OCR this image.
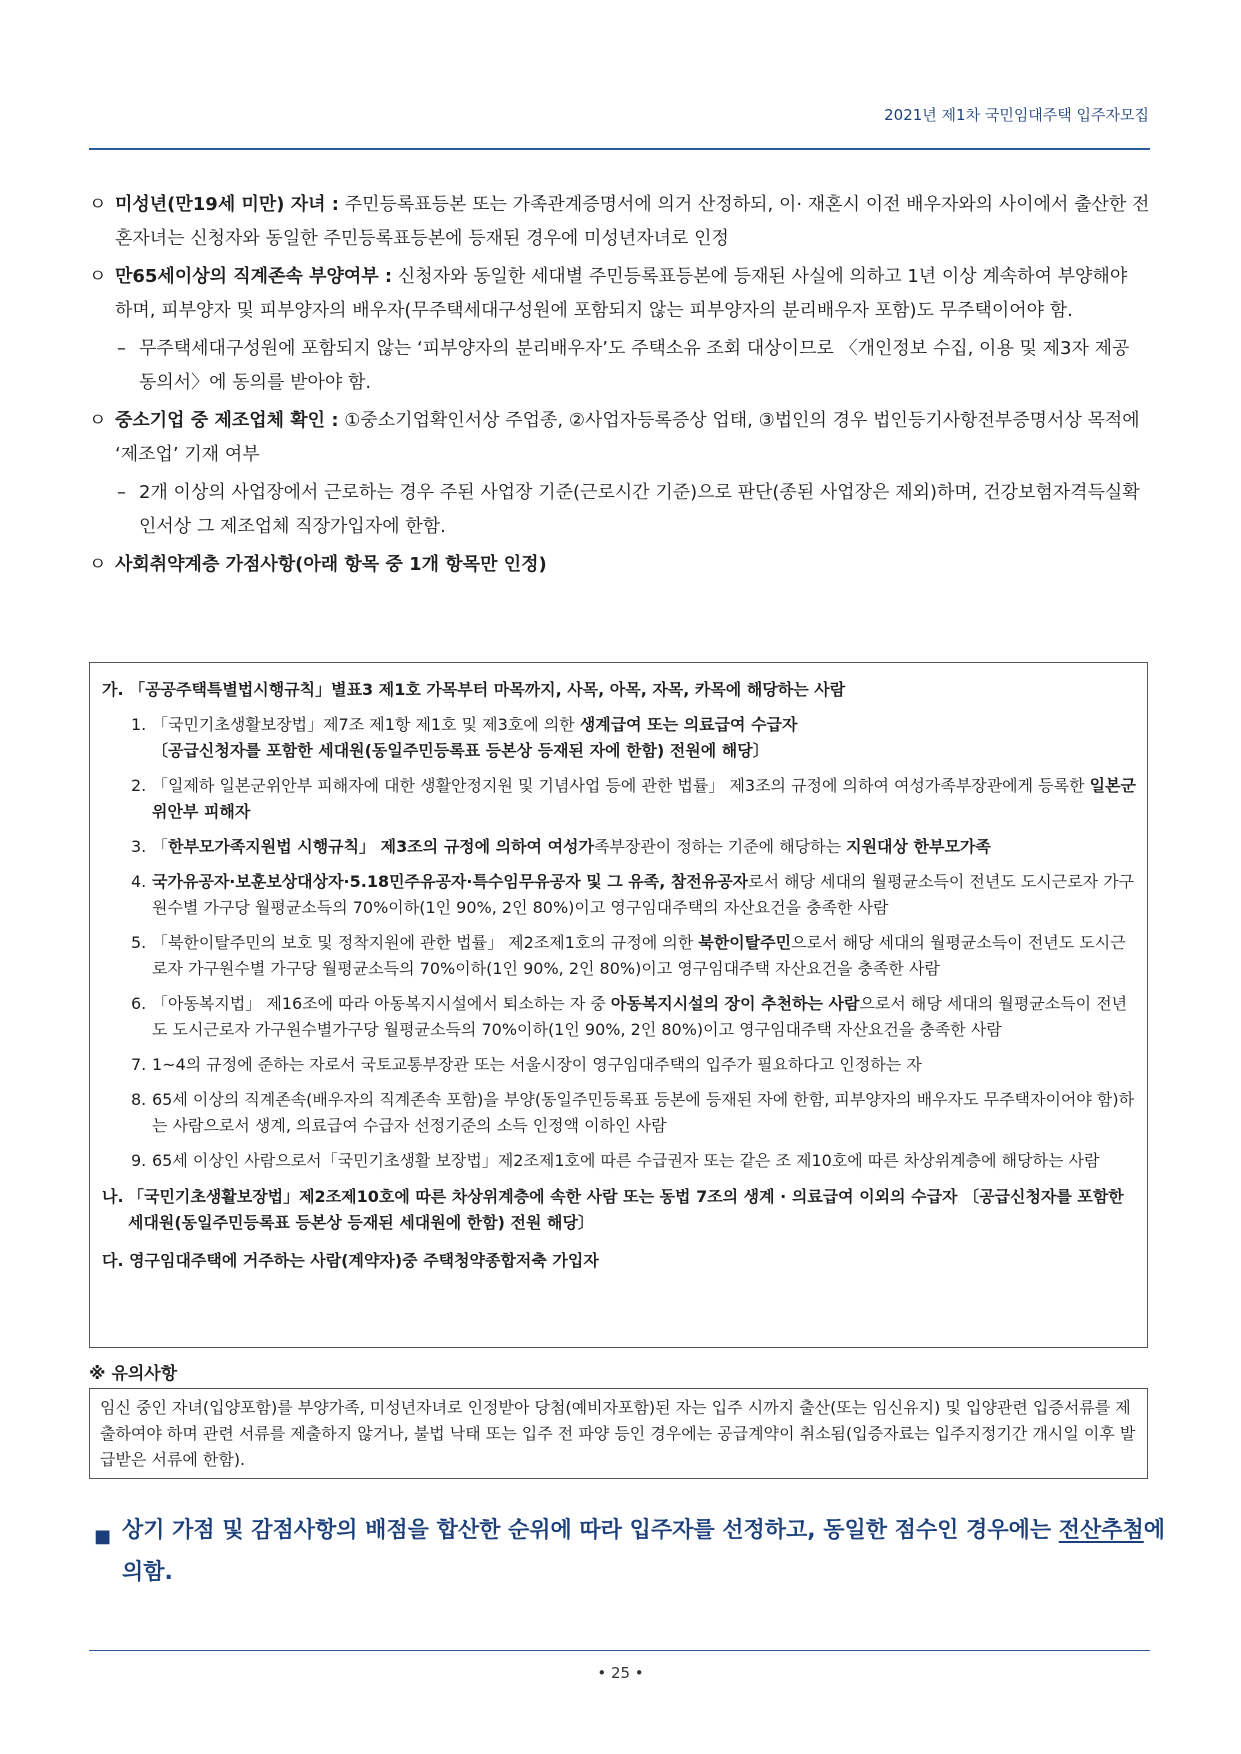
2021년 제1차 국민임대주택 입주자모집
ㅇ 미성년(만19세 미만) 자녀 : 주민등록표등본 또는 가족관계증명서에 의거 산정하되, 이· 재혼시 이전 배우자와의 사이에서 출산한 전혼자녀는 신청자와 동일한 주민등록표등본에 등재된 경우에 미성년자녀로 인정
ㅇ 만65세이상의 직계존속 부양여부 : 신청자와 동일한 세대별 주민등록표등본에 등재된 사실에 의하고 1년 이상 계속하여 부양해야 하며, 피부양자 및 피부양자의 배우자(무주택세대구성원에 포함되지 않는 피부양자의 분리배우자 포함)도 무주택이어야 함.
– 무주택세대구성원에 포함되지 않는 ‘피부양자의 분리배우자’도 주택소유 조회 대상이므로 〈개인정보 수집, 이용 및 제3자 제공 동의서〉에 동의를 받아야 함.
ㅇ 중소기업 중 제조업체 확인 : ①중소기업확인서상 주업종, ②사업자등록증상 업태, ③법인의 경우 법인등기사항전부증명서상 목적에 ‘제조업’ 기재 여부
– 2개 이상의 사업장에서 근로하는 경우 주된 사업장 기준(근로시간 기준)으로 판단(종된 사업장은 제외)하며, 건강보험자격득실확인서상 그 제조업체 직장가입자에 한함.
ㅇ 사회취약계층 가점사항(아래 항목 중 1개 항목만 인정)
가. 「공공주택특별법시행규칙」별표3 제1호 가목부터 마목까지, 사목, 아목, 자목, 카목에 해당하는 사람
1. 「국민기초생활보장법」제7조 제1항 제1호 및 제3호에 의한 생계급여 또는 의료급여 수급자
〔공급신청자를 포함한 세대원(동일주민등록표 등본상 등재된 자에 한함) 전원에 해당〕
2. 「일제하 일본군위안부 피해자에 대한 생활안정지원 및 기념사업 등에 관한 법률」 제3조의 규정에 의하여 여성가족부장관에게 등록한 일본군위안부 피해자
3. 「한부모가족지원법 시행규칙」 제3조의 규정에 의하여 여성가족부장관이 정하는 기준에 해당하는 지원대상 한부모가족
4. 국가유공자·보훈보상대상자·5.18민주유공자·특수임무유공자 및 그 유족, 참전유공자로서 해당 세대의 월평균소득이 전년도 도시근로자 가구원수별 가구당 월평균소득의 70%이하(1인 90%, 2인 80%)이고 영구임대주택의 자산요건을 충족한 사람
5. 「북한이탈주민의 보호 및 정착지원에 관한 법률」 제2조제1호의 규정에 의한 북한이탈주민으로서 해당 세대의 월평균소득이 전년도 도시근로자 가구원수별 가구당 월평균소득의 70%이하(1인 90%, 2인 80%)이고 영구임대주택 자산요건을 충족한 사람
6. 「아동복지법」 제16조에 따라 아동복지시설에서 퇴소하는 자 중 아동복지시설의 장이 추천하는 사람으로서 해당 세대의 월평균소득이 전년도 도시근로자 가구원수별가구당 월평균소득의 70%이하(1인 90%, 2인 80%)이고 영구임대주택 자산요건을 충족한 사람
7. 1~4의 규정에 준하는 자로서 국토교통부장관 또는 서울시장이 영구임대주택의 입주가 필요하다고 인정하는 자
8. 65세 이상의 직계존속(배우자의 직계존속 포함)을 부양(동일주민등록표 등본에 등재된 자에 한함, 피부양자의 배우자도 무주택자이어야 함)하는 사람으로서 생계, 의료급여 수급자 선정기준의 소득 인정액 이하인 사람
9. 65세 이상인 사람으로서「국민기초생활 보장법」제2조제1호에 따른 수급권자 또는 같은 조 제10호에 따른 차상위계층에 해당하는 사람
나. 「국민기초생활보장법」제2조제10호에 따른 차상위계층에 속한 사람 또는 동법 7조의 생계 · 의료급여 이외의 수급자 〔공급신청자를 포함한 세대원(동일주민등록표 등본상 등재된 세대원에 한함) 전원 해당〕
다. 영구임대주택에 거주하는 사람(계약자)중 주택청약종합저축 가입자
※ 유의사항
임신 중인 자녀(입양포함)를 부양가족, 미성년자녀로 인정받아 당첨(예비자포함)된 자는 입주 시까지 출산(또는 임신유지) 및 입양관련 입증서류를 제출하여야 하며 관련 서류를 제출하지 않거나, 불법 낙태 또는 입주 전 파양 등인 경우에는 공급계약이 취소됨(입증자료는 입주지정기간 개시일 이후 발급받은 서류에 한함).
■ 상기 가점 및 감점사항의 배점을 합산한 순위에 따라 입주자를 선정하고, 동일한 점수인 경우에는 전산추첨에 의함.
• 25 •
